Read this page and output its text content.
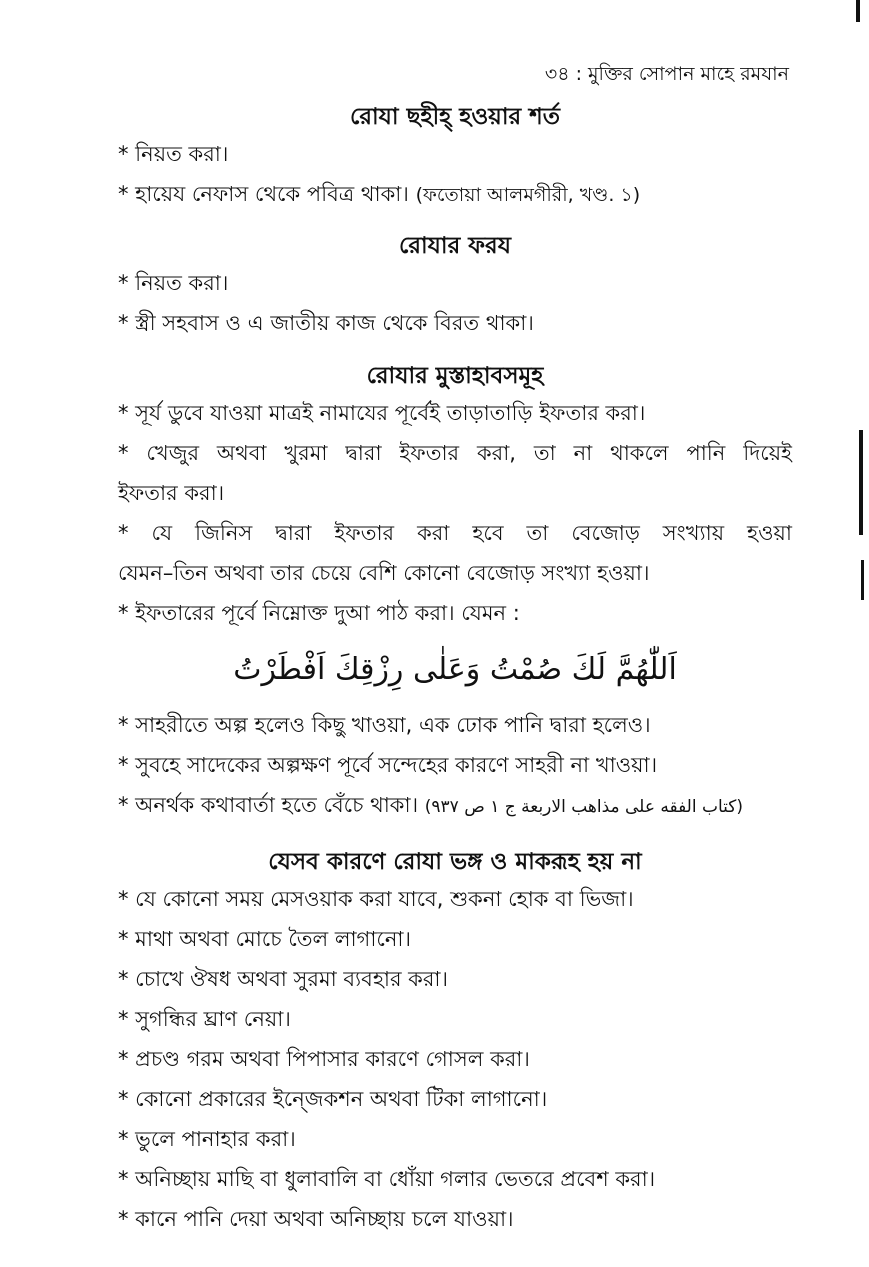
৩৪ : মুক্তির সোপান মাহে রমযান
রোযা ছহীহ্ হওয়ার শর্ত

* নিয়ত করা।

* হায়েয নেফাস থেকে পবিত্র থাকা। (ফতোয়া আলমগীরী, খণ্ড. ১)

রোযার ফরয

* নিয়ত করা।

* স্ত্রী সহবাস ও এ জাতীয় কাজ থেকে বিরত থাকা।

রোযার মুস্তাহাবসমূহ

* সূর্য ডুবে যাওয়া মাত্রই নামাযের পূর্বেই তাড়াতাড়ি ইফতার করা।

* খেজুর অথবা খুরমা দ্বারা ইফতার করা, তা না থাকলে পানি দিয়েই

ইফতার করা।

* যে জিনিস দ্বারা ইফতার করা হবে তা বেজোড় সংখ্যায় হওয়া

যেমন–তিন অথবা তার চেয়ে বেশি কোনো বেজোড় সংখ্যা হওয়া।

* ইফতারের পূর্বে নিম্নোক্ত দুআ পাঠ করা। যেমন :

اَللّٰهُمَّ لَكَ صُمْتُ وَعَلٰى رِزْقِكَ اَفْطَرْتُ

* সাহরীতে অল্প হলেও কিছু খাওয়া, এক ঢোক পানি দ্বারা হলেও।

* সুবহে সাদেকের অল্পক্ষণ পূর্বে সন্দেহের কারণে সাহরী না খাওয়া।

* অনর্থক কথাবার্তা হতে বেঁচে থাকা। (كتاب الفقه على مذاهب الاربعة ج ١ ص ٩٣٧)

যেসব কারণে রোযা ভঙ্গ ও মাকরূহ হয় না

* যে কোনো সময় মেসওয়াক করা যাবে, শুকনা হোক বা ভিজা।

* মাথা অথবা মোচে তৈল লাগানো।

* চোখে ঔষধ অথবা সুরমা ব্যবহার করা।

* সুগন্ধির ঘ্রাণ নেয়া।

* প্রচণ্ড গরম অথবা পিপাসার কারণে গোসল করা।

* কোনো প্রকারের ইন্জেকশন অথবা টিকা লাগানো।

* ভুলে পানাহার করা।

* অনিচ্ছায় মাছি বা ধুলাবালি বা ধোঁয়া গলার ভেতরে প্রবেশ করা।

* কানে পানি দেয়া অথবা অনিচ্ছায় চলে যাওয়া।
